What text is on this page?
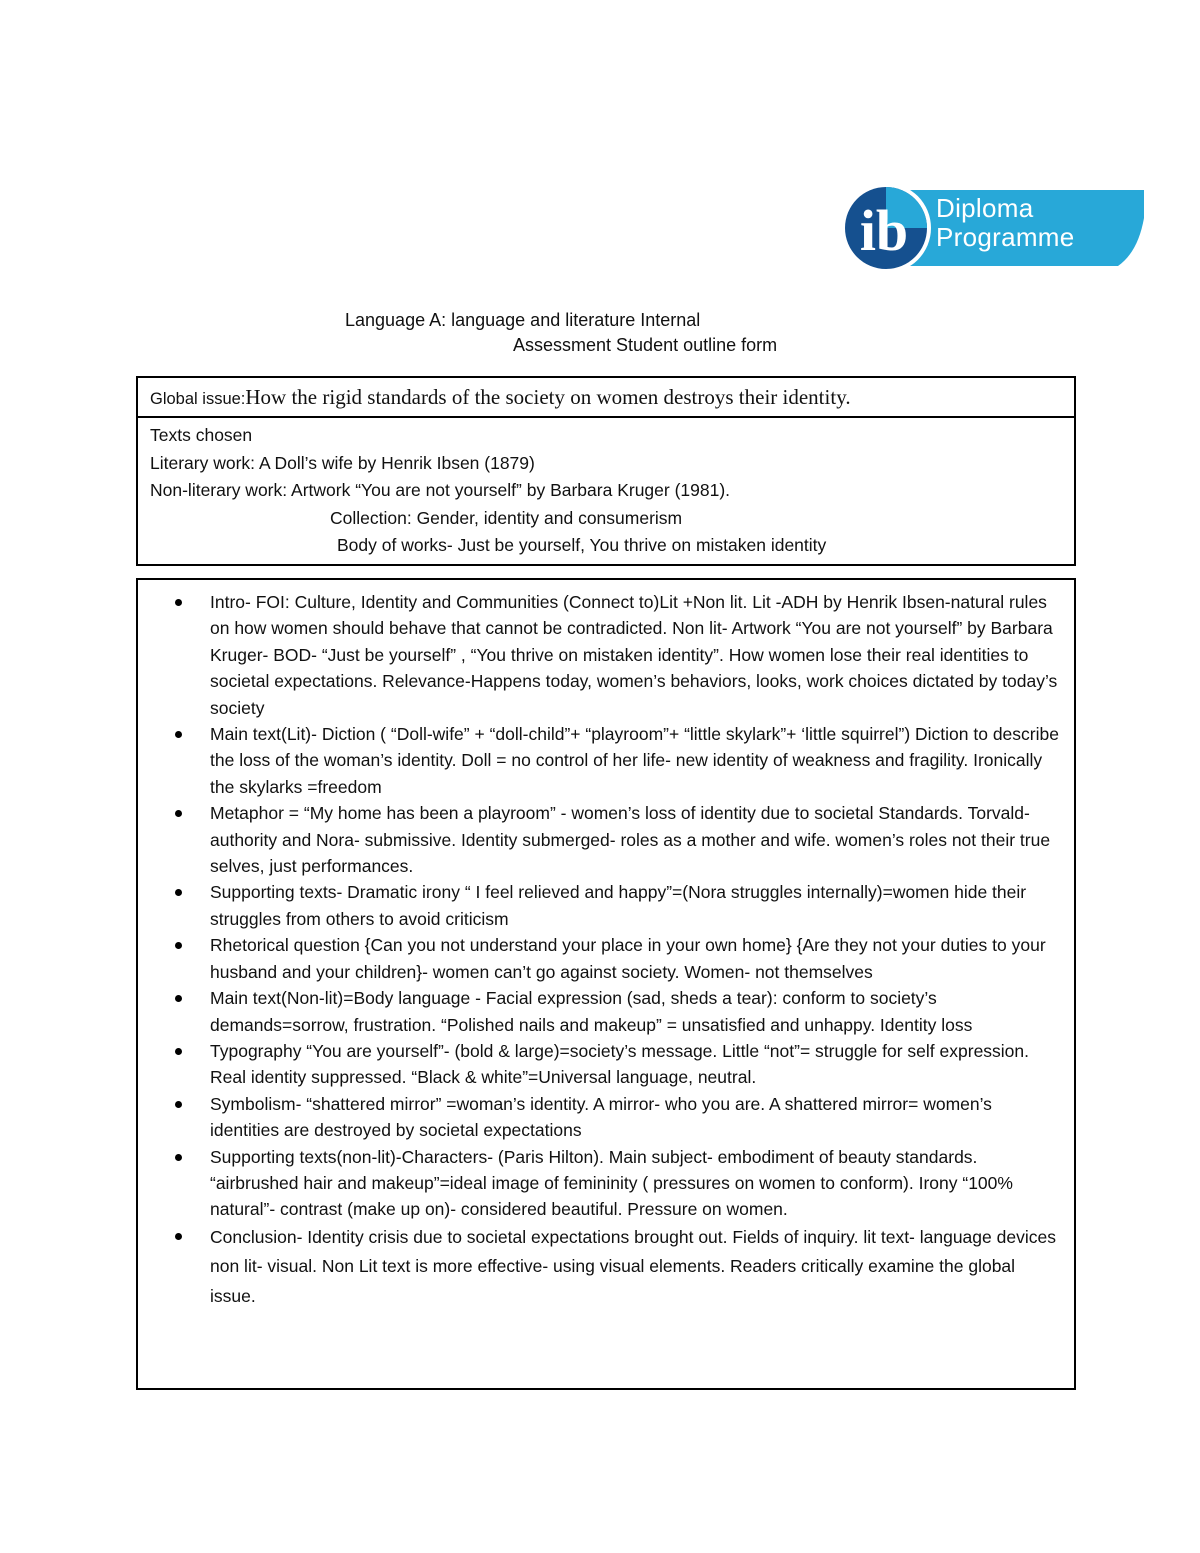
ib Diploma
Programme
Language A: language and literature Internal
Assessment Student outline form
Global issue:How the rigid standards of the society on women destroys their identity.
Texts chosen
Literary work: A Doll’s wife by Henrik Ibsen (1879)
Non-literary work: Artwork “You are not yourself” by Barbara Kruger (1981).
Collection: Gender, identity and consumerism
Body of works- Just be yourself, You thrive on mistaken identity
Intro- FOI: Culture, Identity and Communities (Connect to)Lit +Non lit. Lit -ADH by Henrik Ibsen-natural rules on how women should behave that cannot be contradicted. Non lit- Artwork “You are not yourself” by Barbara Kruger- BOD- “Just be yourself” , “You thrive on mistaken identity”. How women lose their real identities to societal expectations. Relevance-Happens today, women’s behaviors, looks, work choices dictated by today’s society
Main text(Lit)- Diction ( “Doll-wife” + “doll-child”+ “playroom”+ “little skylark”+ ‘little squirrel”) Diction to describe the loss of the woman’s identity. Doll = no control of her life- new identity of weakness and fragility. Ironically the skylarks =freedom
Metaphor = “My home has been a playroom” - women’s loss of identity due to societal Standards. Torvald- authority and Nora- submissive. Identity submerged- roles as a mother and wife. women’s roles not their true selves, just performances.
Supporting texts- Dramatic irony “ I feel relieved and happy”=(Nora struggles internally)=women hide their struggles from others to avoid criticism
Rhetorical question {Can you not understand your place in your own home} {Are they not your duties to your husband and your children}- women can’t go against society. Women- not themselves
Main text(Non-lit)=Body language - Facial expression (sad, sheds a tear): conform to society’s demands=sorrow, frustration. “Polished nails and makeup” = unsatisfied and unhappy. Identity loss
Typography “You are yourself”- (bold & large)=society’s message. Little “not”= struggle for self expression. Real identity suppressed. “Black & white”=Universal language, neutral.
Symbolism- “shattered mirror” =woman’s identity. A mirror- who you are. A shattered mirror= women’s identities are destroyed by societal expectations
Supporting texts(non-lit)-Characters- (Paris Hilton). Main subject- embodiment of beauty standards. “airbrushed hair and makeup”=ideal image of femininity ( pressures on women to conform). Irony “100% natural”- contrast (make up on)- considered beautiful. Pressure on women.
Conclusion- Identity crisis due to societal expectations brought out. Fields of inquiry. lit text- language devices non lit- visual. Non Lit text is more effective- using visual elements. Readers critically examine the global issue.
